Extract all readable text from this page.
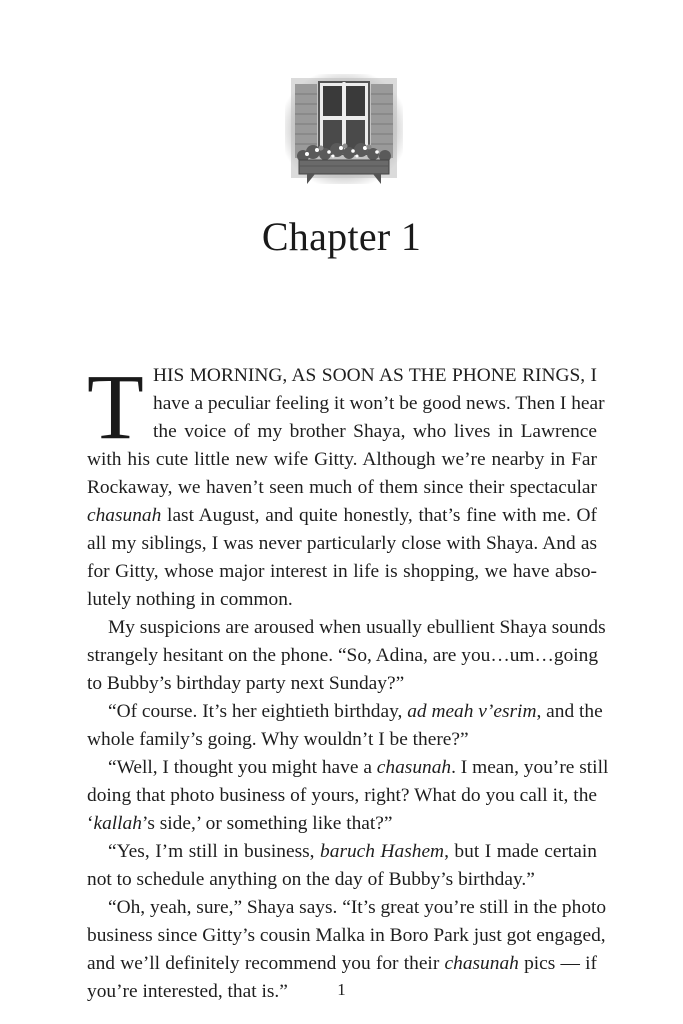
Chapter 1
T HIS MORNING, AS SOON AS THE PHONE RINGS, I
have a peculiar feeling it won’t be good news. Then I hear
the voice of my brother Shaya, who lives in Lawrence
with his cute little new wife Gitty. Although we’re nearby in Far
Rockaway, we haven’t seen much of them since their spectacular
chasunah last August, and quite honestly, that’s fine with me. Of
all my siblings, I was never particularly close with Shaya. And as
for Gitty, whose major interest in life is shopping, we have abso-
lutely nothing in common.
My suspicions are aroused when usually ebullient Shaya sounds
strangely hesitant on the phone. “So, Adina, are you…um…going
to Bubby’s birthday party next Sunday?”
“Of course. It’s her eightieth birthday, ad meah v’esrim, and the
whole family’s going. Why wouldn’t I be there?”
“Well, I thought you might have a chasunah. I mean, you’re still
doing that photo business of yours, right? What do you call it, the
‘kallah’s side,’ or something like that?”
“Yes, I’m still in business, baruch Hashem, but I made certain
not to schedule anything on the day of Bubby’s birthday.”
“Oh, yeah, sure,” Shaya says. “It’s great you’re still in the photo
business since Gitty’s cousin Malka in Boro Park just got engaged,
and we’ll definitely recommend you for their chasunah pics — if
you’re interested, that is.”	1
